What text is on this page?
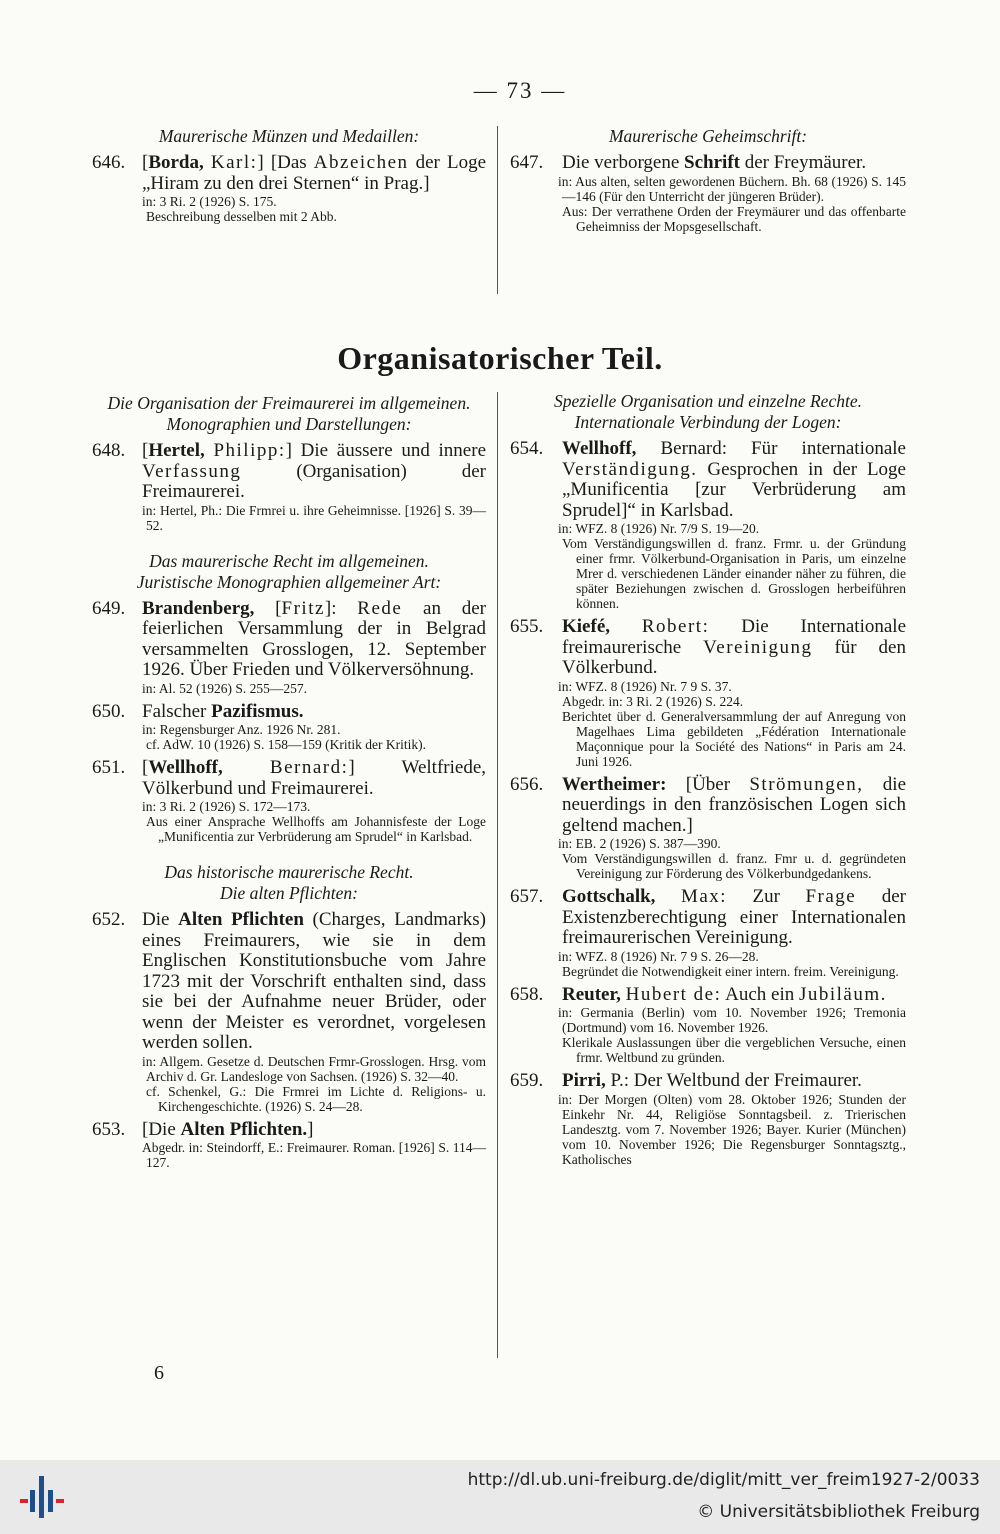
— 73 —
Maurerische Münzen und Medaillen:
646. [Borda, Karl:] [Das Abzeichen der Loge „Hiram zu den drei Sternen“ in Prag.]
in: 3 Ri. 2 (1926) S. 175.
Beschreibung desselben mit 2 Abb.
Maurerische Geheimschrift:
647. Die verborgene Schrift der Freymäurer.
in: Aus alten, selten gewordenen Büchern. Bh. 68 (1926) S. 145—146 (Für den Unterricht der jüngeren Brüder).
Aus: Der verrathene Orden der Freymäurer und das offenbarte Geheimniss der Mopsgesellschaft.
Organisatorischer Teil.
Die Organisation der Freimaurerei im allgemeinen.
Monographien und Darstellungen:
648. [Hertel, Philipp:] Die äussere und innere Verfassung (Organisation) der Freimaurerei.
in: Hertel, Ph.: Die Frmrei u. ihre Geheimnisse. [1926] S. 39—52.
Das maurerische Recht im allgemeinen.
Juristische Monographien allgemeiner Art:
649. Brandenberg, [Fritz]: Rede an der feierlichen Versammlung der in Belgrad versammelten Grosslogen, 12. September 1926. Über Frieden und Völkerversöhnung.
in: Al. 52 (1926) S. 255—257.
650. Falscher Pazifismus.
in: Regensburger Anz. 1926 Nr. 281.
cf. AdW. 10 (1926) S. 158—159 (Kritik der Kritik).
651. [Wellhoff, Bernard:] Weltfriede, Völkerbund und Freimaurerei.
in: 3 Ri. 2 (1926) S. 172—173.
Aus einer Ansprache Wellhoffs am Johannisfeste der Loge „Munificentia zur Verbrüderung am Sprudel“ in Karlsbad.
Das historische maurerische Recht.
Die alten Pflichten:
652. Die Alten Pflichten (Charges, Landmarks) eines Freimaurers, wie sie in dem Englischen Konstitutionsbuche vom Jahre 1723 mit der Vorschrift enthalten sind, dass sie bei der Aufnahme neuer Brüder, oder wenn der Meister es verordnet, vorgelesen werden sollen.
in: Allgem. Gesetze d. Deutschen Frmr-Grosslogen. Hrsg. vom Archiv d. Gr. Landesloge von Sachsen. (1926) S. 32—40.
cf. Schenkel, G.: Die Frmrei im Lichte d. Religions- u. Kirchengeschichte. (1926) S. 24—28.
653. [Die Alten Pflichten.]
Abgedr. in: Steindorff, E.: Freimaurer. Roman. [1926] S. 114—127.
Spezielle Organisation und einzelne Rechte.
Internationale Verbindung der Logen:
654. Wellhoff, Bernard: Für internationale Verständigung. Gesprochen in der Loge „Munificentia [zur Verbrüderung am Sprudel]“ in Karlsbad.
in: WFZ. 8 (1926) Nr. 7/9 S. 19—20.
Vom Verständigungswillen d. franz. Frmr. u. der Gründung einer frmr. Völkerbund-Organisation in Paris, um einzelne Mrer d. verschiedenen Länder einander näher zu führen, die später Beziehungen zwischen d. Grosslogen herbeiführen können.
655. Kiefé, Robert: Die Internationale freimaurerische Vereinigung für den Völkerbund.
in: WFZ. 8 (1926) Nr. 7 9 S. 37.
Abgedr. in: 3 Ri. 2 (1926) S. 224.
Berichtet über d. Generalversammlung der auf Anregung von Magelhaes Lima gebildeten „Fédération Internationale Maçonnique pour la Société des Nations“ in Paris am 24. Juni 1926.
656. Wertheimer: [Über Strömungen, die neuerdings in den französischen Logen sich geltend machen.]
in: EB. 2 (1926) S. 387—390.
Vom Verständigungswillen d. franz. Fmr u. d. gegründeten Vereinigung zur Förderung des Völkerbundgedankens.
657. Gottschalk, Max: Zur Frage der Existenzberechtigung einer Internationalen freimaurerischen Vereinigung.
in: WFZ. 8 (1926) Nr. 7 9 S. 26—28.
Begründet die Notwendigkeit einer intern. freim. Vereinigung.
658. Reuter, Hubert de: Auch ein Jubiläum.
in: Germania (Berlin) vom 10. November 1926; Tremonia (Dortmund) vom 16. November 1926.
Klerikale Auslassungen über die vergeblichen Versuche, einen frmr. Weltbund zu gründen.
659. Pirri, P.: Der Weltbund der Freimaurer.
in: Der Morgen (Olten) vom 28. Oktober 1926; Stunden der Einkehr Nr. 44, Religiöse Sonntagsbeil. z. Trierischen Landesztg. vom 7. November 1926; Bayer. Kurier (München) vom 10. November 1926; Die Regensburger Sonntagsztg., Katholisches
6
http://dl.ub.uni-freiburg.de/diglit/mitt_ver_freim1927-2/0033
© Universitätsbibliothek Freiburg
